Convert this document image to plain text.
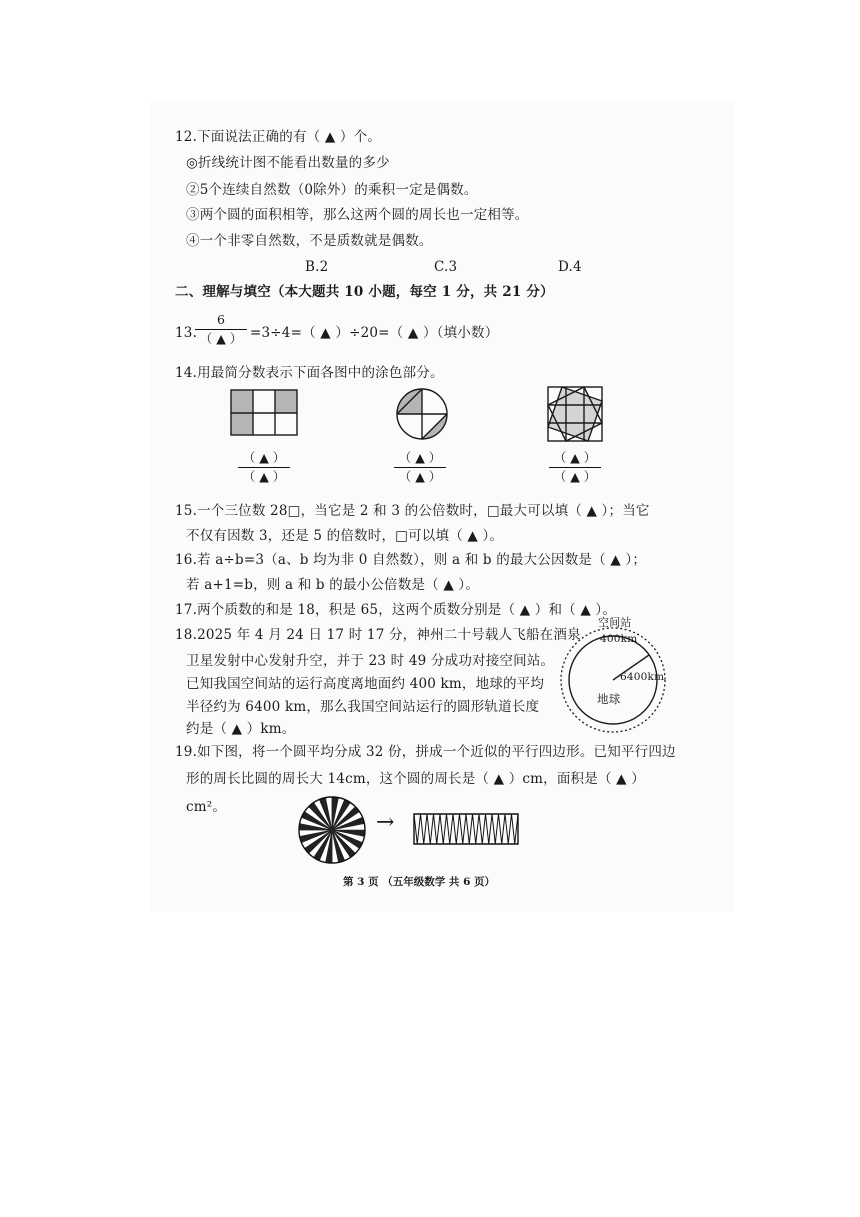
12.下面说法正确的有（ ▲ ）个。
◎折线统计图不能看出数量的多少
②5个连续自然数（0除外）的乘积一定是偶数。
③两个圆的面积相等，那么这两个圆的周长也一定相等。
④一个非零自然数，不是质数就是偶数。
B.2	C.3	D.4
二、理解与填空（本大题共 10 小题，每空 1 分，共 21 分）
13.
6
（ ▲ ） =3÷4=（ ▲ ）÷20=（ ▲ ）（填小数）
14.用最简分数表示下面各图中的涂色部分。
（ ▲ ）
（ ▲ ）
（ ▲ ）
（ ▲ ）
（ ▲ ）
（ ▲ ）
15.一个三位数 28□，当它是 2 和 3 的公倍数时，□最大可以填（ ▲ ）；当它
不仅有因数 3，还是 5 的倍数时，□可以填（ ▲ ）。
16.若 a÷b=3（a、b 均为非 0 自然数），则 a 和 b 的最大公因数是（ ▲ ）；
若 a+1=b，则 a 和 b 的最小公倍数是（ ▲ ）。
17.两个质数的和是 18，积是 65，这两个质数分别是（ ▲ ）和（ ▲ ）。
18.2025 年 4 月 24 日 17 时 17 分，神州二十号载人飞船在酒泉
卫星发射中心发射升空，并于 23 时 49 分成功对接空间站。
已知我国空间站的运行高度离地面约 400 km，地球的平均
半径约为 6400 km，那么我国空间站运行的圆形轨道长度
约是（ ▲ ）km。
空间站
400km
6400km
地球
19.如下图，将一个圆平均分成 32 份，拼成一个近似的平行四边形。已知平行四边
形的周长比圆的周长大 14cm，这个圆的周长是（ ▲ ）cm，面积是（ ▲ ）
cm²。
→
第 3 页 （五年级数学 共 6 页）
